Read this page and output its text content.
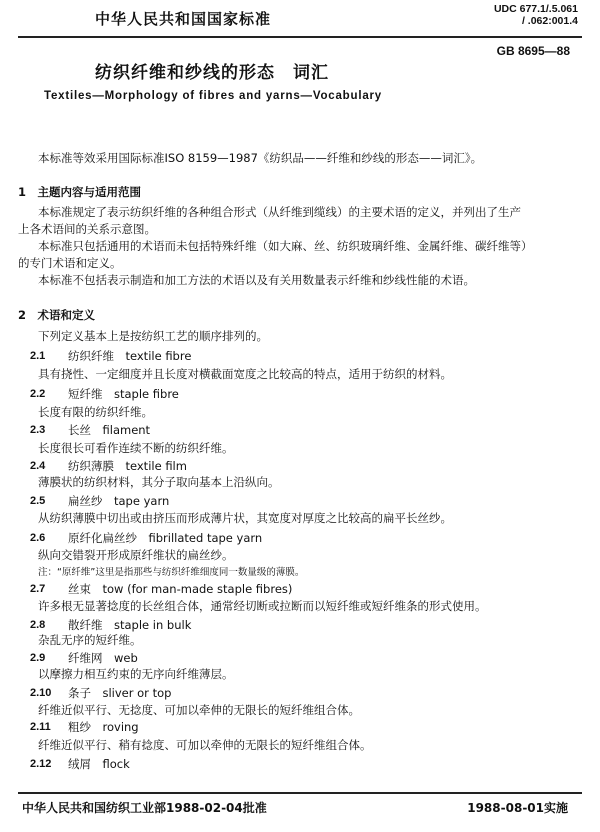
中华人民共和国国家标准
UDC 677.1/.5.061
/ .062:001.4
GB 8695—88
纺织纤维和纱线的形态　词汇
Textiles—Morphology of fibres and yarns—Vocabulary
本标准等效采用国际标准ISO 8159—1987《纺织品——纤维和纱线的形态——词汇》。
1　主题内容与适用范围
本标准规定了表示纺织纤维的各种组合形式（从纤维到缆线）的主要术语的定义，并列出了生产
上各术语间的关系示意图。
本标准只包括通用的术语而未包括特殊纤维（如大麻、丝、纺织玻璃纤维、金属纤维、碳纤维等）
的专门术语和定义。
本标准不包括表示制造和加工方法的术语以及有关用数量表示纤维和纱线性能的术语。
2　术语和定义
下列定义基本上是按纺织工艺的顺序排列的。
2.1 纺织纤维　textile fibre
具有挠性、一定细度并且长度对横截面宽度之比较高的特点，适用于纺织的材料。
2.2 短纤维　staple fibre
长度有限的纺织纤维。
2.3 长丝　filament
长度很长可看作连续不断的纺织纤维。
2.4 纺织薄膜　textile film
薄膜状的纺织材料，其分子取向基本上沿纵向。
2.5 扁丝纱　tape yarn
从纺织薄膜中切出或由挤压而形成薄片状，其宽度对厚度之比较高的扁平长丝纱。
2.6 原纤化扁丝纱　fibrillated tape yarn
纵向交错裂开形成原纤维状的扁丝纱。
注：“原纤维”这里是指那些与纺织纤维细度同一数量级的薄膜。
2.7 丝束　tow (for man-made staple fibres)
许多根无显著捻度的长丝组合体，通常经切断或拉断而以短纤维或短纤维条的形式使用。
2.8 散纤维　staple in bulk
杂乱无序的短纤维。
2.9 纤维网　web
以摩擦力相互约束的无序向纤维薄层。
2.10 条子　sliver or top
纤维近似平行、无捻度、可加以牵伸的无限长的短纤维组合体。
2.11 粗纱　roving
纤维近似平行、稍有捻度、可加以牵伸的无限长的短纤维组合体。
2.12 绒屑　flock
中华人民共和国纺织工业部1988-02-04批准	1988-08-01实施
